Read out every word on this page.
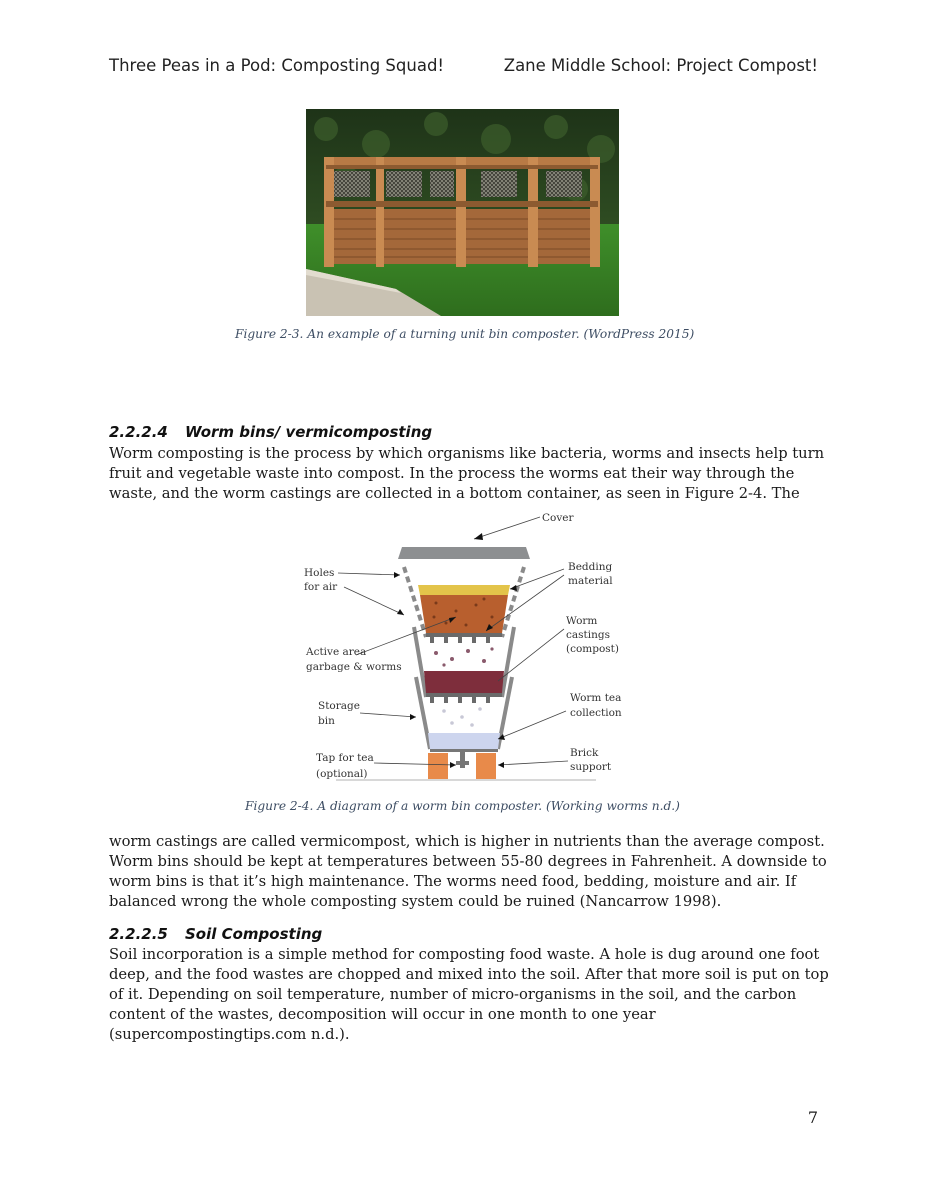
Three Peas in a Pod: Composting Squad!	Zane Middle School: Project Compost!
Figure 2-3. An example of a turning unit bin composter. (WordPress 2015)
2.2.2.4 Worm bins/ vermicomposting
Worm composting is the process by which organisms like bacteria, worms and insects help turn
fruit and vegetable waste into compost. In the process the worms eat their way through the
waste, and the worm castings are collected in a bottom container, as seen in Figure 2-4. The
Cover
Holes
for air
Bedding
material
Worm
castings
(compost)
Active area
garbage & worms
Storage
bin
Worm tea
collection
Tap for tea
(optional)
Brick
support
Figure 2-4. A diagram of a worm bin composter. (Working worms n.d.)
worm castings are called vermicompost, which is higher in nutrients than the average compost.
Worm bins should be kept at temperatures between 55-80 degrees in Fahrenheit. A downside to
worm bins is that it’s high maintenance. The worms need food, bedding, moisture and air. If
balanced wrong the whole composting system could be ruined (Nancarrow 1998).
2.2.2.5 Soil Composting
Soil incorporation is a simple method for composting food waste. A hole is dug around one foot
deep, and the food wastes are chopped and mixed into the soil. After that more soil is put on top
of it. Depending on soil temperature, number of micro-organisms in the soil, and the carbon
content of the wastes, decomposition will occur in one month to one year
(supercompostingtips.com n.d.).
7
